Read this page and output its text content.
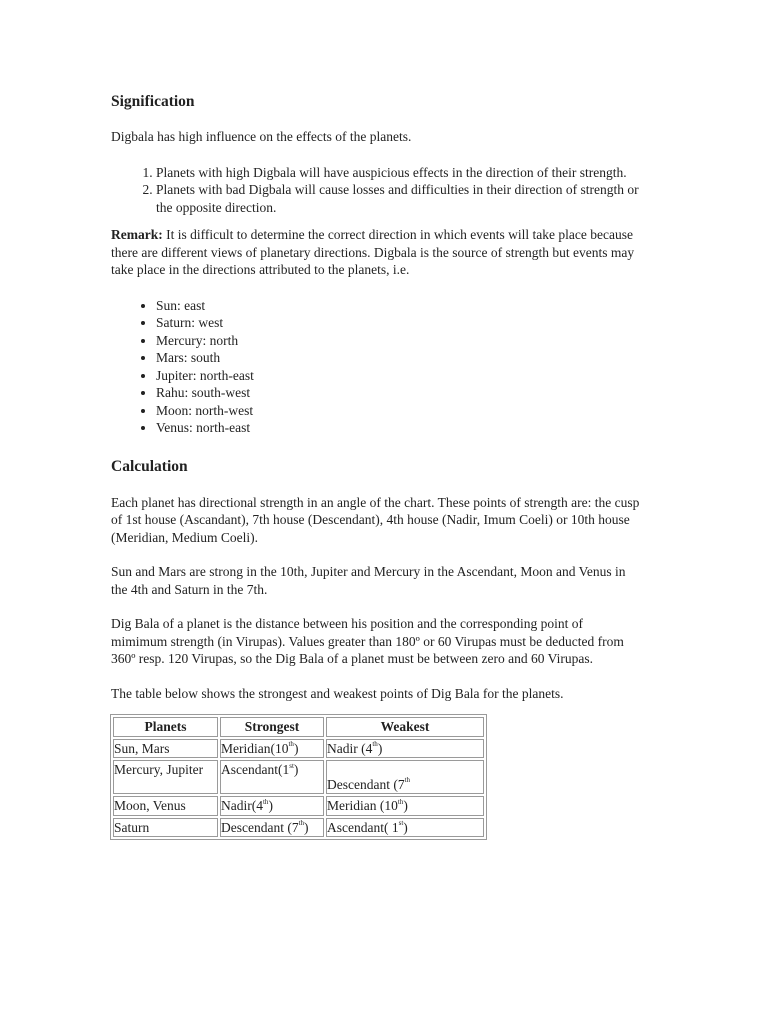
Signification

Digbala has high influence on the effects of the planets.

1. Planets with high Digbala will have auspicious effects in the direction of their strength.
2. Planets with bad Digbala will cause losses and difficulties in their direction of strength or the opposite direction.

Remark: It is difficult to determine the correct direction in which events will take place because there are different views of planetary directions. Digbala is the source of strength but events may take place in the directions attributed to the planets, i.e.

• Sun: east
• Saturn: west
• Mercury: north
• Mars: south
• Jupiter: north-east
• Rahu: south-west
• Moon: north-west
• Venus: north-east
Calculation

Each planet has directional strength in an angle of the chart. These points of strength are: the cusp of 1st house (Ascandant), 7th house (Descendant), 4th house (Nadir, Imum Coeli) or 10th house (Meridian, Medium Coeli).

Sun and Mars are strong in the 10th, Jupiter and Mercury in the Ascendant, Moon and Venus in the 4th and Saturn in the 7th.

Dig Bala of a planet is the distance between his position and the corresponding point of mimimum strength (in Virupas). Values greater than 180º or 60 Virupas must be deducted from 360º resp. 120 Virupas, so the Dig Bala of a planet must be between zero and 60 Virupas.

The table below shows the strongest and weakest points of Dig Bala for the planets.

Planets	Strongest	Weakest
Sun, Mars	Meridian(10th)	Nadir (4th)
Mercury, Jupiter	Ascendant(1st)	Descendant (7th
Moon, Venus	Nadir(4th)	Meridian (10th)
Saturn	Descendant (7th)	Ascendant( 1st)
